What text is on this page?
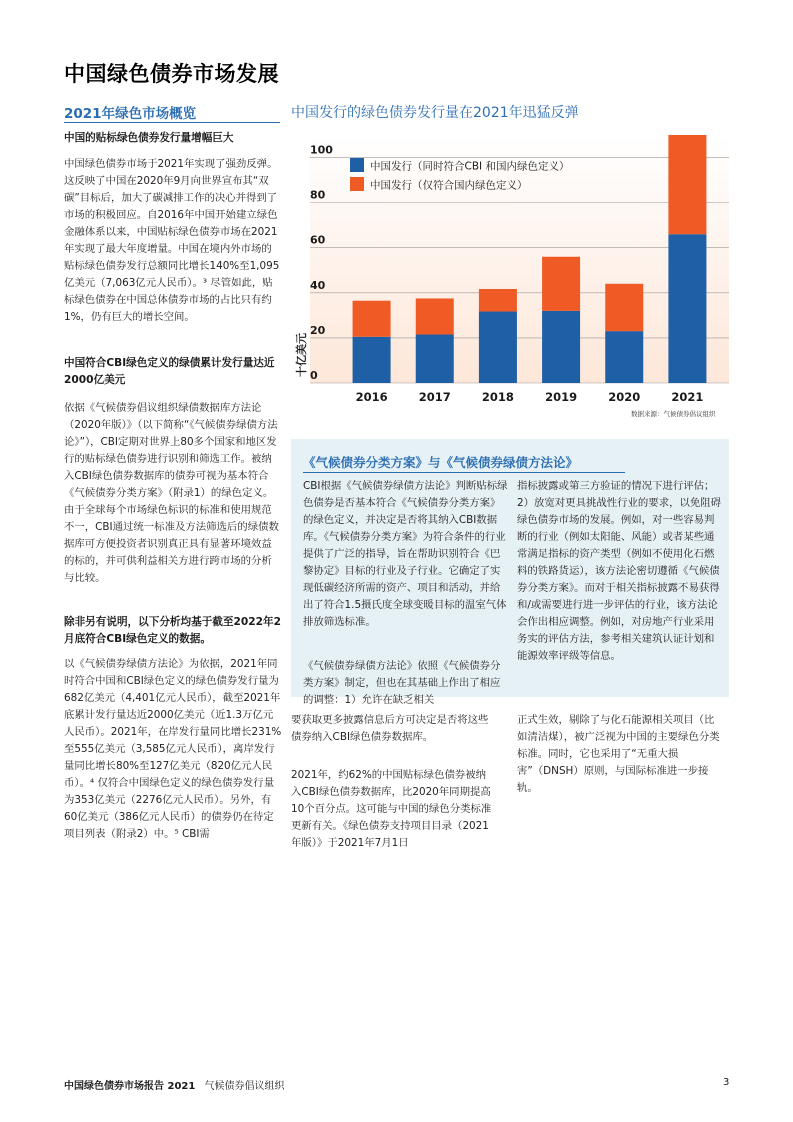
中国绿色债券市场发展
2021年绿色市场概览
中国的贴标绿色债券发行量增幅巨大
中国绿色债券市场于2021年实现了强劲反弹。这反映了中国在2020年9月向世界宣布其“双碳”目标后，加大了碳减排工作的决心并得到了市场的积极回应。自2016年中国开始建立绿色金融体系以来，中国贴标绿色债券市场在2021年实现了最大年度增量。中国在境内外市场的贴标绿色债券发行总额同比增长140%至1,095亿美元（7,063亿元人民币）。³ 尽管如此，贴标绿色债券在中国总体债券市场的占比只有约1%，仍有巨大的增长空间。
中国符合CBI绿色定义的绿债累计发行量达近2000亿美元
依据《气候债券倡议组织绿债数据库方法论（2020年版）》（以下简称“《气候债券绿债方法论》”），CBI定期对世界上80多个国家和地区发行的贴标绿色债券进行识别和筛选工作。被纳入CBI绿色债券数据库的债券可视为基本符合《气候债券分类方案》（附录1）的绿色定义。由于全球每个市场绿色标识的标准和使用规范不一，CBI通过统一标准及方法筛选后的绿债数据库可方便投资者识别真正具有显著环境效益的标的，并可供利益相关方进行跨市场的分析与比较。
除非另有说明，以下分析均基于截至2022年2月底符合CBI绿色定义的数据。
以《气候债券绿债方法论》为依据，2021年同时符合中国和CBI绿色定义的绿色债券发行量为682亿美元（4,401亿元人民币），截至2021年底累计发行量达近2000亿美元（近1.3万亿元人民币）。2021年，在岸发行量同比增长231%至555亿美元（3,585亿元人民币），离岸发行量同比增长80%至127亿美元（820亿元人民币）。⁴ 仅符合中国绿色定义的绿色债券发行量为353亿美元（2276亿元人民币）。另外，有60亿美元（386亿元人民币）的债券仍在待定项目列表（附录2）中。⁵ CBI需
中国发行的绿色债券发行量在2021年迅猛反弹
0
20
40
60
80
100
2016	2017	2018	2019	2020	2021
中国发行（同时符合CBI 和国内绿色定义）
中国发行（仅符合国内绿色定义）
十亿美元
数据来源：气候债券倡议组织
《气候债券分类方案》与《气候债券绿债方法论》
CBI根据《气候债券绿债方法论》判断贴标绿色债券是否基本符合《气候债券分类方案》的绿色定义，并决定是否将其纳入CBI数据库。《气候债券分类方案》为符合条件的行业提供了广泛的指导，旨在帮助识别符合《巴黎协定》目标的行业及子行业。它确定了实现低碳经济所需的资产、项目和活动，并给出了符合1.5摄氏度全球变暖目标的温室气体排放筛选标准。
《气候债券绿债方法论》依照《气候债券分类方案》制定，但也在其基础上作出了相应的调整：1）允许在缺乏相关
指标披露或第三方验证的情况下进行评估；2）放宽对更具挑战性行业的要求，以免阻碍绿色债券市场的发展。例如，对一些容易判断的行业（例如太阳能、风能）或者某些通常满足指标的资产类型（例如不使用化石燃料的铁路货运），该方法论密切遵循《气候债券分类方案》。而对于相关指标披露不易获得和/或需要进行进一步评估的行业，该方法论会作出相应调整。例如，对房地产行业采用务实的评估方法，参考相关建筑认证计划和能源效率评级等信息。
要获取更多披露信息后方可决定是否将这些债券纳入CBI绿色债券数据库。
2021年，约62%的中国贴标绿色债券被纳入CBI绿色债券数据库，比2020年同期提高10个百分点。这可能与中国的绿色分类标准更新有关。《绿色债券支持项目目录（2021年版）》于2021年7月1日
正式生效，剔除了与化石能源相关项目（比如清洁煤），被广泛视为中国的主要绿色分类标准。同时，它也采用了“无重大损害”（DNSH）原则，与国际标准进一步接轨。
中国绿色债券市场报告 2021 气候债券倡议组织	3
